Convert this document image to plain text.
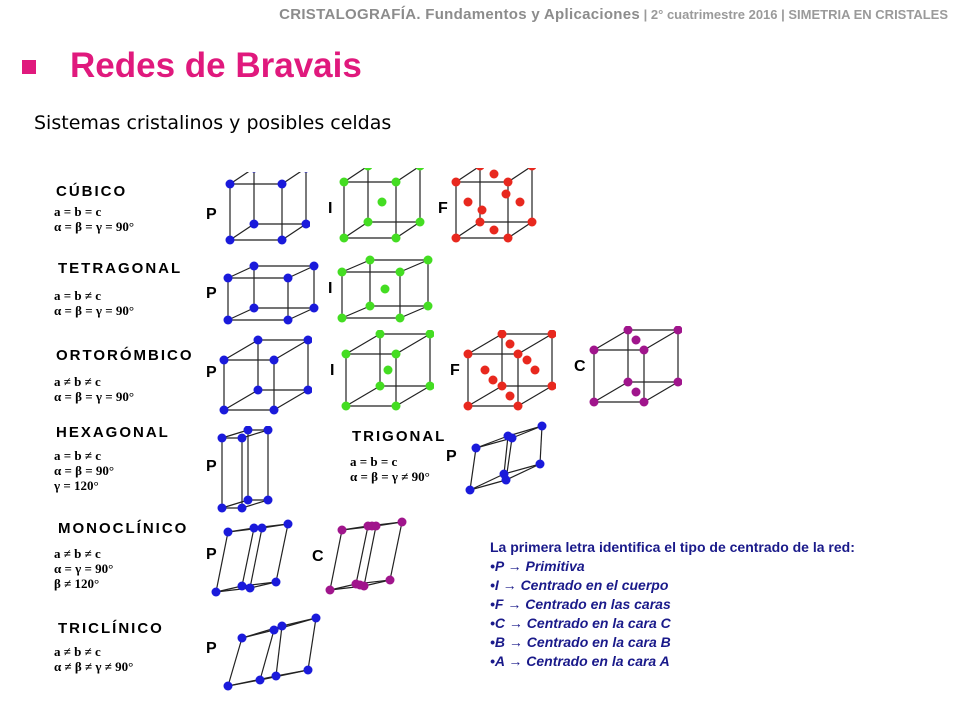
CRISTALOGRAFÍA. Fundamentos y Aplicaciones | 2° cuatrimestre 2016 | SIMETRIA EN CRISTALES
Redes de Bravais
Sistemas cristalinos y posibles celdas
CÚBICO
a = b = c
α = β = γ = 90°
P	I	F
TETRAGONAL
a = b ≠ c
α = β = γ = 90°
P	I
ORTORÓMBICO
a ≠ b ≠ c
α = β = γ = 90°
P	I	F	C
HEXAGONAL
a = b ≠ c
α = β = 90°
γ = 120°
P
TRIGONAL
a = b = c
α = β = γ ≠ 90°
P
MONOCLÍNICO
a ≠ b ≠ c
α = γ = 90°
β ≠ 120°
P	C
TRICLÍNICO
a ≠ b ≠ c
α ≠ β ≠ γ ≠ 90°
P
La primera letra identifica el tipo de centrado de la red:
•P → Primitiva
•I → Centrado en el cuerpo
•F → Centrado en las caras
•C → Centrado en la cara C
•B → Centrado en la cara B
•A → Centrado en la cara A
